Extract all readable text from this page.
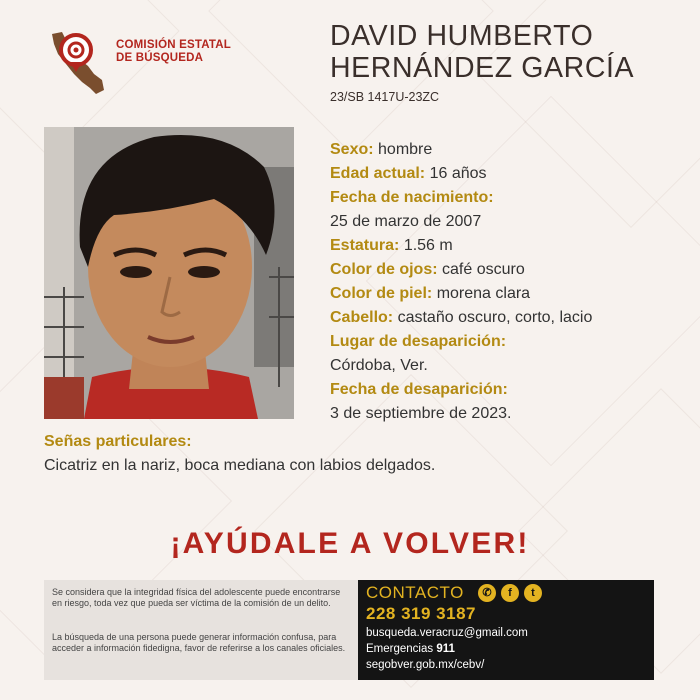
COMISIÓN ESTATAL
DE BÚSQUEDA
DAVID HUMBERTO
HERNÁNDEZ GARCÍA
23/SB 1417U-23ZC
Sexo: hombre
Edad actual: 16 años
Fecha de nacimiento:
25 de marzo de 2007
Estatura: 1.56 m
Color de ojos: café oscuro
Color de piel: morena clara
Cabello: castaño oscuro, corto, lacio
Lugar de desaparición:
Córdoba, Ver.
Fecha de desaparición:
3 de septiembre de 2023.
Señas particulares:
Cicatriz en la nariz, boca mediana con labios delgados.
¡AYÚDALE A VOLVER!

Se considera que la integridad física del adolescente puede encontrarse en riesgo, toda vez que pueda ser víctima de la comisión de un delito.

La búsqueda de una persona puede generar información confusa, para acceder a información fidedigna, favor de referirse a los canales oficiales.

CONTACTO	✆	f	t
228 319 3187
busqueda.veracruz@gmail.com
Emergencias 911
segobver.gob.mx/cebv/
